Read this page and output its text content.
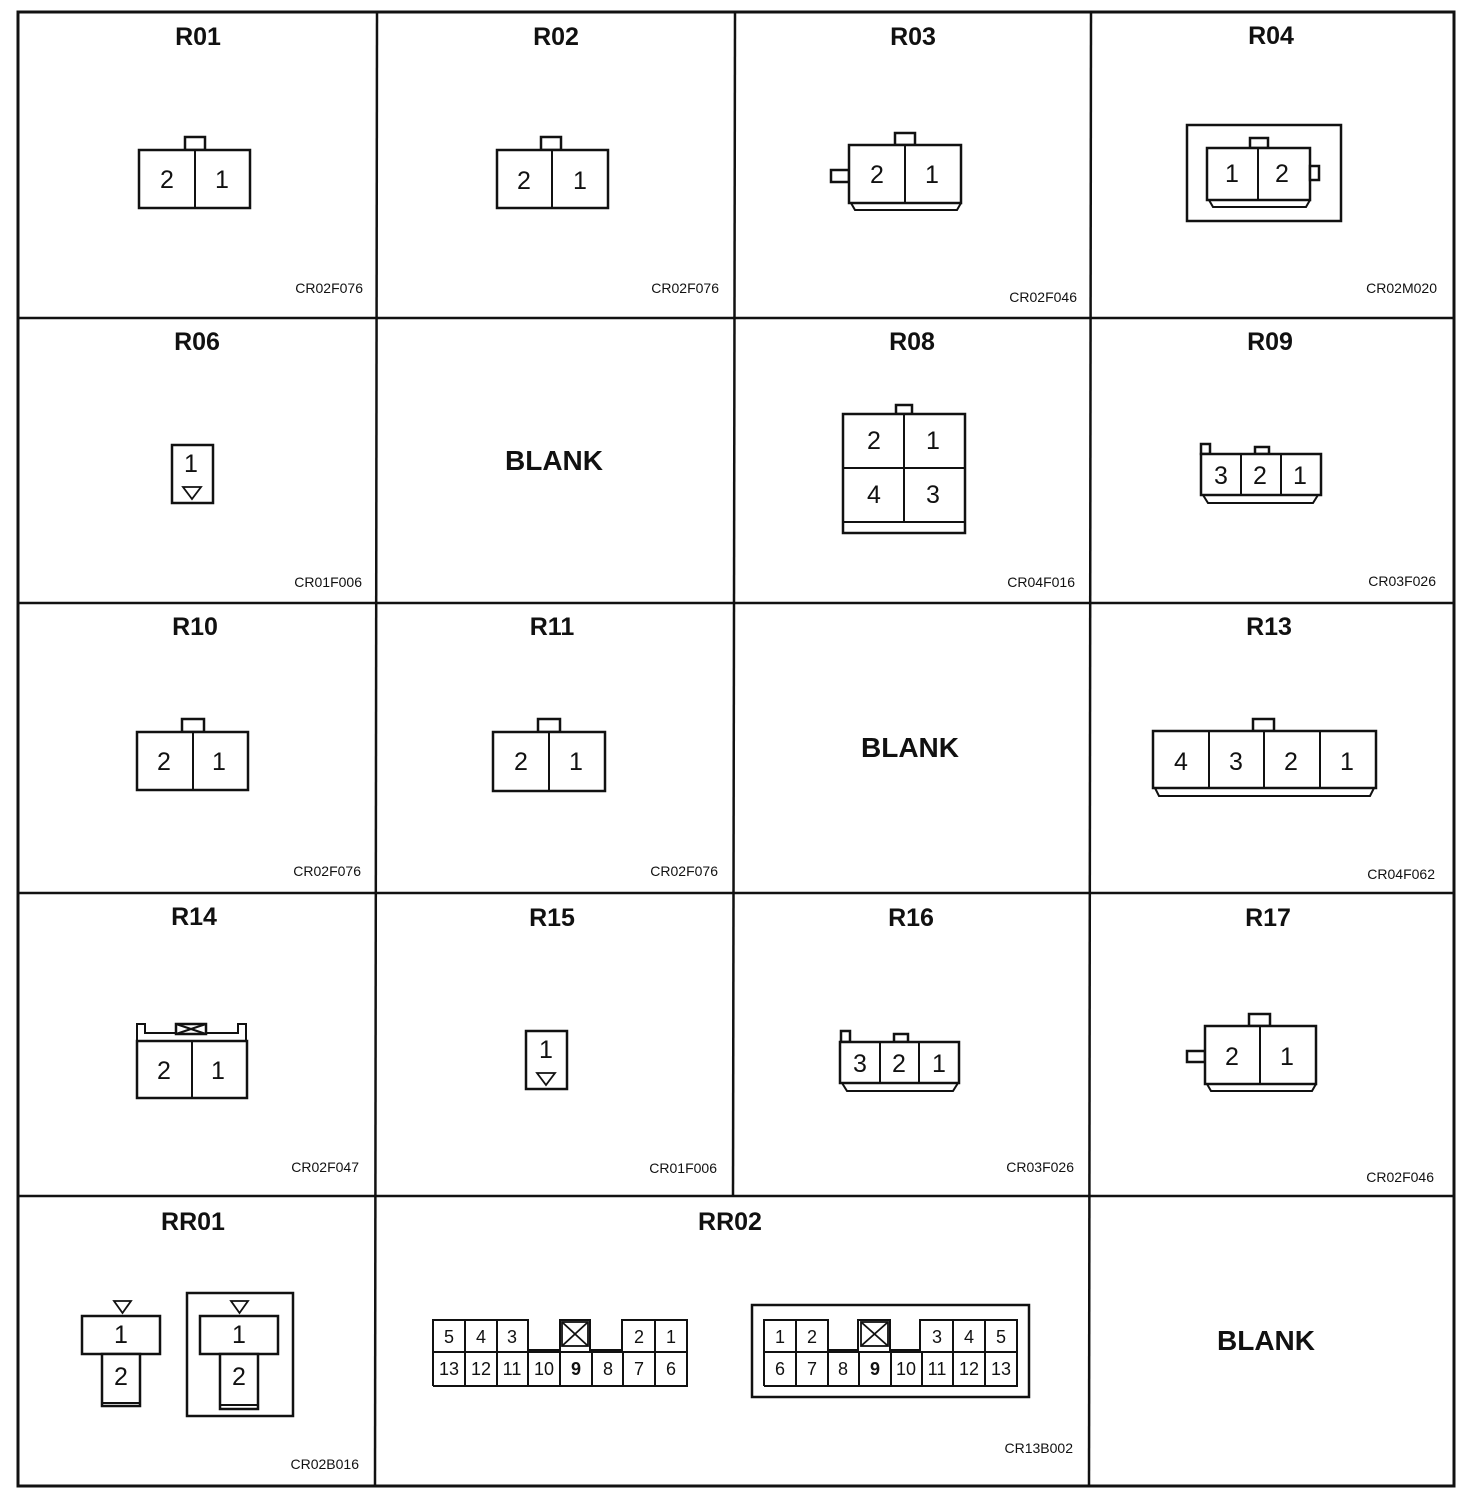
R01
2 1
CR02F076
R02
2 1
CR02F076
R03
2 1
CR02F046
R04
1 2
CR02M020
R06
1
CR01F006
BLANK
R08
2 1
4 3
CR04F016
R09
3 2 1
CR03F026
R10
2 1
CR02F076
R11
2 1
CR02F076
BLANK
R13
4 3 2 1
CR04F062
R14
2 1
CR02F047
R15
1
CR01F006
R16
3 2 1
CR03F026
R17
2 1
CR02F046
RR01
1
2
1
2
CR02B016
RR02
5 4 3	2 1
13 12 11 10 9 8 7 6
1 2	3 4 5
6 7 8 9 10 11 12 13
CR13B002
BLANK
